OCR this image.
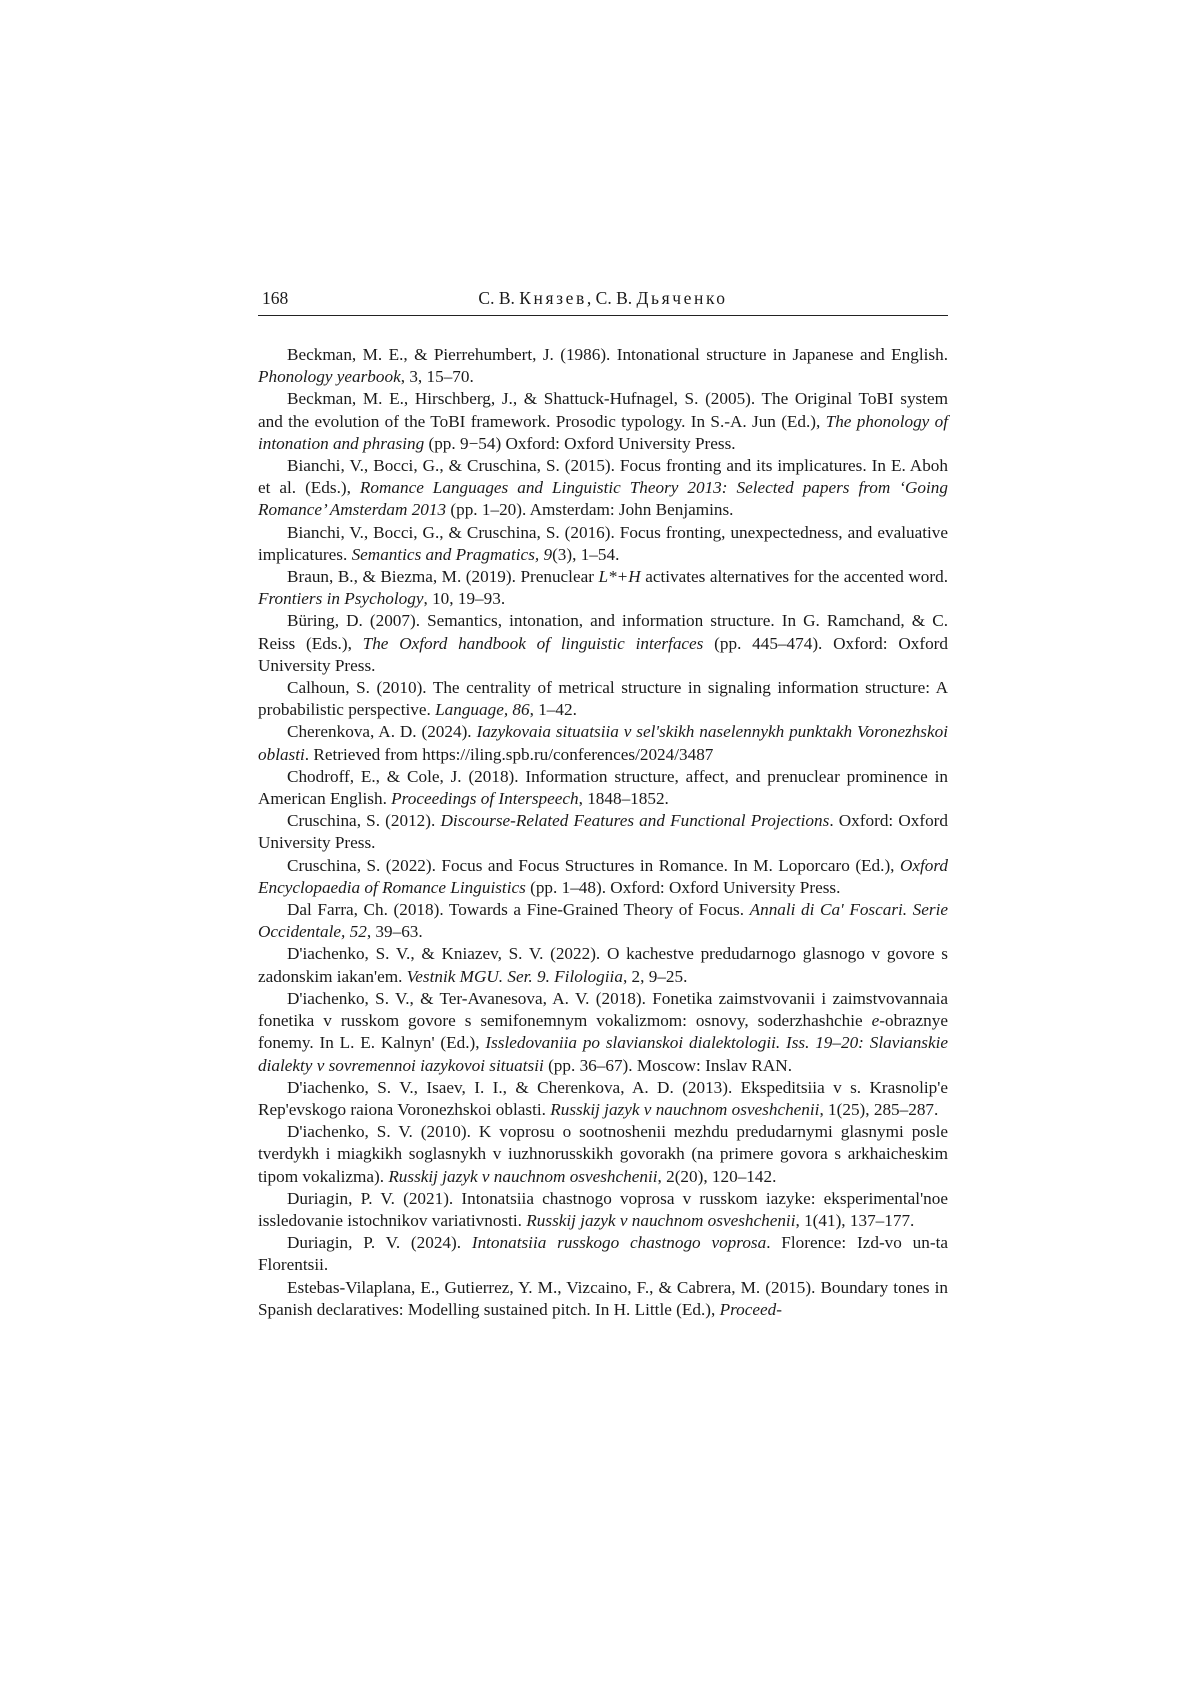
168	С. В. Князев, С. В. Дьяченко

Beckman, M. E., & Pierrehumbert, J. (1986). Intonational structure in Japanese and English. Phonology yearbook, 3, 15–70.

Beckman, M. E., Hirschberg, J., & Shattuck-Hufnagel, S. (2005). The Original ToBI system and the evolution of the ToBI framework. Prosodic typology. In S.-A. Jun (Ed.), The phonology of intonation and phrasing (pp. 9−54) Oxford: Oxford University Press.

Bianchi, V., Bocci, G., & Cruschina, S. (2015). Focus fronting and its implicatures. In E. Aboh et al. (Eds.), Romance Languages and Linguistic Theory 2013: Selected papers from ‘Going Romance’ Amsterdam 2013 (pp. 1–20). Amsterdam: John Benjamins.

Bianchi, V., Bocci, G., & Cruschina, S. (2016). Focus fronting, unexpectedness, and evaluative implicatures. Semantics and Pragmatics, 9(3), 1–54.

Braun, B., & Biezma, M. (2019). Prenuclear L*+H activates alternatives for the accented word. Frontiers in Psychology, 10, 19–93.

Büring, D. (2007). Semantics, intonation, and information structure. In G. Ramchand, & C. Reiss (Eds.), The Oxford handbook of linguistic interfaces (pp. 445–474). Oxford: Oxford University Press.

Calhoun, S. (2010). The centrality of metrical structure in signaling information structure: A probabilistic perspective. Language, 86, 1–42.

Cherenkova, A. D. (2024). Iazykovaia situatsiia v sel'skikh naselennykh punktakh Voronezhskoi oblasti. Retrieved from https://iling.spb.ru/conferences/2024/3487

Chodroff, E., & Cole, J. (2018). Information structure, affect, and prenuclear prominence in American English. Proceedings of Interspeech, 1848–1852.

Cruschina, S. (2012). Discourse-Related Features and Functional Projections. Oxford: Oxford University Press.

Cruschina, S. (2022). Focus and Focus Structures in Romance. In M. Loporcaro (Ed.), Oxford Encyclopaedia of Romance Linguistics (pp. 1–48). Oxford: Oxford University Press.

Dal Farra, Ch. (2018). Towards a Fine-Grained Theory of Focus. Annali di Ca' Foscari. Serie Occidentale, 52, 39–63.

D'iachenko, S. V., & Kniazev, S. V. (2022). O kachestve predudarnogo glasnogo v govore s zadonskim iakan'em. Vestnik MGU. Ser. 9. Filologiia, 2, 9–25.

D'iachenko, S. V., & Ter-Avanesova, A. V. (2018). Fonetika zaimstvovanii i zaimstvovannaia fonetika v russkom govore s semifonemnym vokalizmom: osnovy, soderzhashchie e-obraznye fonemy. In L. E. Kalnyn' (Ed.), Issledovaniia po slavianskoi dialektologii. Iss. 19–20: Slavianskie dialekty v sovremennoi iazykovoi situatsii (pp. 36–67). Moscow: Inslav RAN.

D'iachenko, S. V., Isaev, I. I., & Cherenkova, A. D. (2013). Ekspeditsiia v s. Krasnolip'e Rep'evskogo raiona Voronezhskoi oblasti. Russkij jazyk v nauchnom osveshchenii, 1(25), 285–287.

D'iachenko, S. V. (2010). K voprosu o sootnoshenii mezhdu predudarnymi glasnymi posle tverdykh i miagkikh soglasnykh v iuzhnorusskikh govorakh (na primere govora s arkhaicheskim tipom vokalizma). Russkij jazyk v nauchnom osveshchenii, 2(20), 120–142.

Duriagin, P. V. (2021). Intonatsiia chastnogo voprosa v russkom iazyke: eksperimental'noe issledovanie istochnikov variativnosti. Russkij jazyk v nauchnom osveshchenii, 1(41), 137–177.

Duriagin, P. V. (2024). Intonatsiia russkogo chastnogo voprosa. Florence: Izd-vo un-ta Florentsii.

Estebas-Vilaplana, E., Gutierrez, Y. M., Vizcaino, F., & Cabrera, M. (2015). Boundary tones in Spanish declaratives: Modelling sustained pitch. In H. Little (Ed.), Proceed-
